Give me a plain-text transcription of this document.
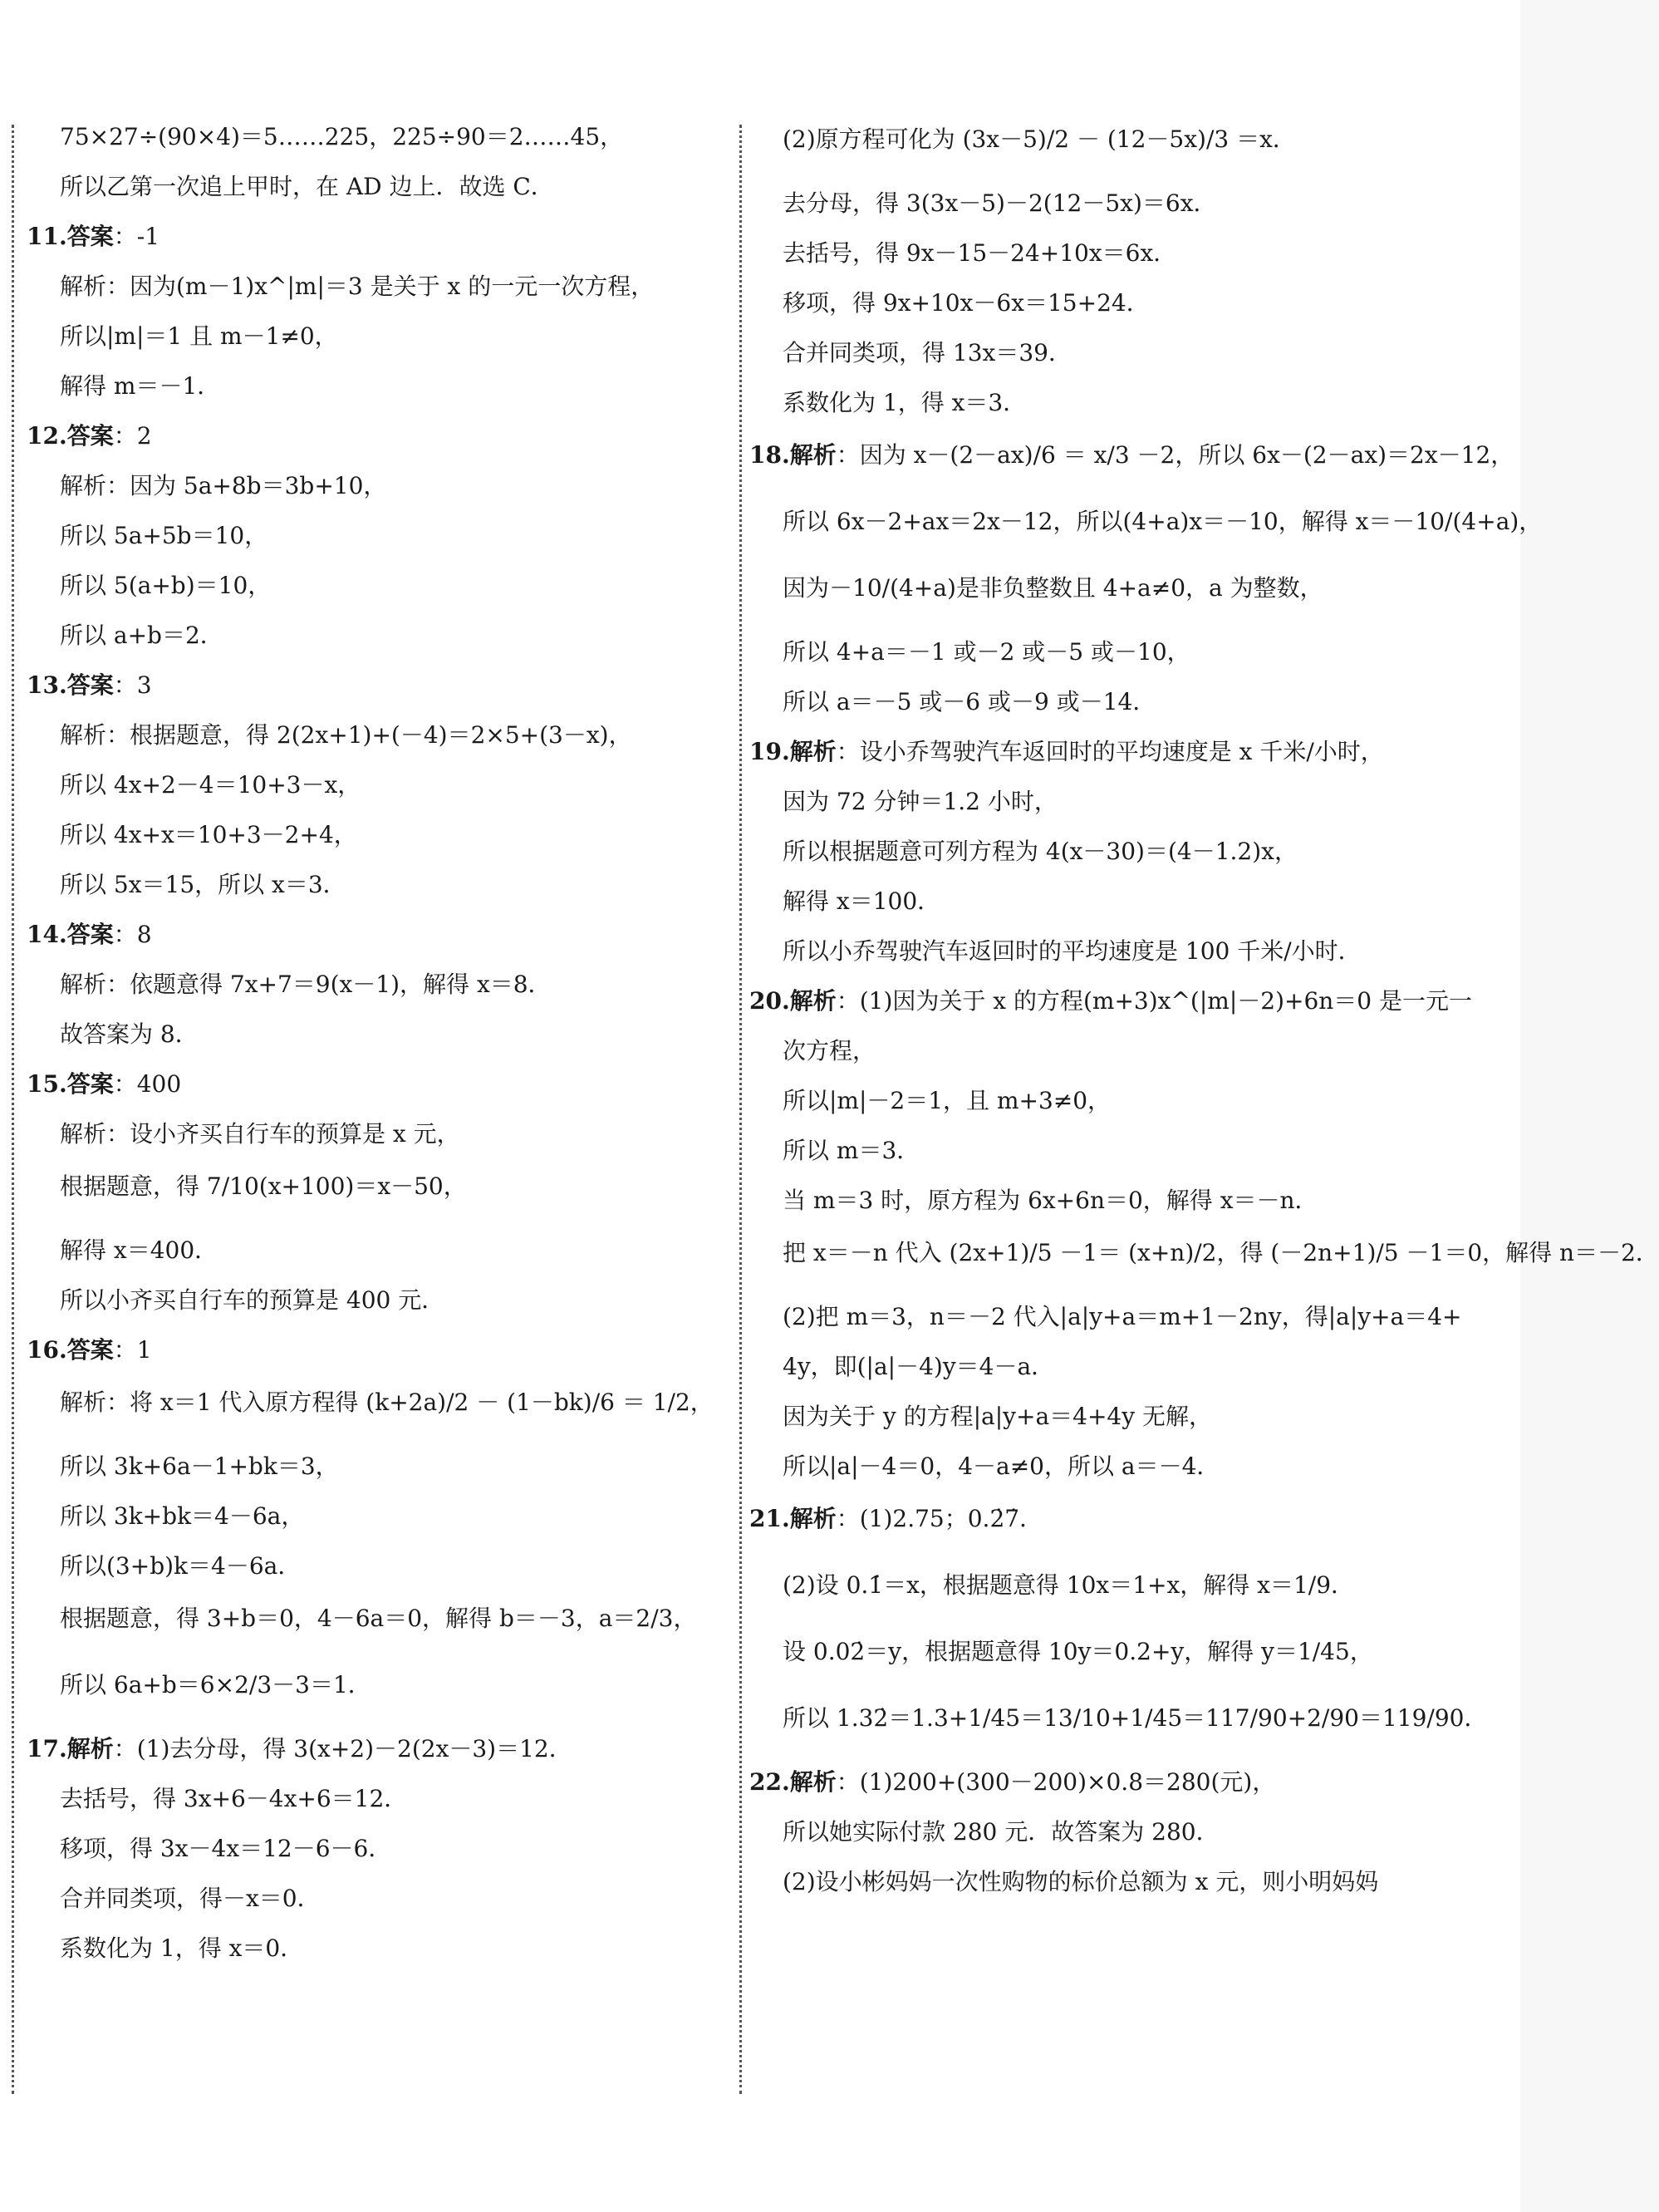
75×27÷(90×4)＝5……225，225÷90＝2……45，
所以乙第一次追上甲时，在 AD 边上．故选 C．
11.答案：-1
解析：因为(m－1)x^|m|＝3 是关于 x 的一元一次方程，
所以|m|＝1 且 m－1≠0，
解得 m＝－1．
12.答案：2
解析：因为 5a+8b＝3b+10，
所以 5a+5b＝10，
所以 5(a+b)＝10，
所以 a+b＝2．
13.答案：3
解析：根据题意，得 2(2x+1)+(－4)＝2×5+(3－x)，
所以 4x+2－4＝10+3－x，
所以 4x+x＝10+3－2+4，
所以 5x＝15，所以 x＝3．
14.答案：8
解析：依题意得 7x+7＝9(x－1)，解得 x＝8．
故答案为 8．
15.答案：400
解析：设小齐买自行车的预算是 x 元，
根据题意，得 7/10(x+100)＝x－50，
解得 x＝400．
所以小齐买自行车的预算是 400 元．
16.答案：1
解析：将 x＝1 代入原方程得 (k+2a)/2 － (1－bk)/6 ＝ 1/2，
所以 3k+6a－1+bk＝3，
所以 3k+bk＝4－6a，
所以(3+b)k＝4－6a．
根据题意，得 3+b＝0，4－6a＝0，解得 b＝－3，a＝2/3，
所以 6a+b＝6×2/3－3＝1．
17.解析：(1)去分母，得 3(x+2)－2(2x－3)＝12．
去括号，得 3x+6－4x+6＝12．
移项，得 3x－4x＝12－6－6．
合并同类项，得－x＝0．
系数化为 1，得 x＝0．
(2)原方程可化为 (3x－5)/2 － (12－5x)/3 ＝x．
去分母，得 3(3x－5)－2(12－5x)＝6x．
去括号，得 9x－15－24+10x＝6x．
移项，得 9x+10x－6x＝15+24．
合并同类项，得 13x＝39．
系数化为 1，得 x＝3．
18.解析：因为 x－(2－ax)/6 ＝ x/3 －2，所以 6x－(2－ax)＝2x－12，
所以 6x－2+ax＝2x－12，所以(4+a)x＝－10，解得 x＝－10/(4+a)，
因为－10/(4+a)是非负整数且 4+a≠0，a 为整数，
所以 4+a＝－1 或－2 或－5 或－10，
所以 a＝－5 或－6 或－9 或－14．
19.解析：设小乔驾驶汽车返回时的平均速度是 x 千米/小时，
因为 72 分钟＝1.2 小时，
所以根据题意可列方程为 4(x－30)＝(4－1.2)x，
解得 x＝100．
所以小乔驾驶汽车返回时的平均速度是 100 千米/小时．
20.解析：(1)因为关于 x 的方程(m+3)x^(|m|－2)+6n＝0 是一元一
次方程，
所以|m|－2＝1，且 m+3≠0，
所以 m＝3．
当 m＝3 时，原方程为 6x+6n＝0，解得 x＝－n．
把 x＝－n 代入 (2x+1)/5 －1＝ (x+n)/2，得 (－2n+1)/5 －1＝0，解得 n＝－2．
(2)把 m＝3，n＝－2 代入|a|y+a＝m+1－2ny，得|a|y+a＝4+
4y，即(|a|－4)y＝4－a．
因为关于 y 的方程|a|y+a＝4+4y 无解，
所以|a|－4＝0，4－a≠0，所以 a＝－4．
21.解析：(1)2.75；0.2̇7̇．
(2)设 0.1̇＝x，根据题意得 10x＝1+x，解得 x＝1/9．
设 0.02̇＝y，根据题意得 10y＝0.2+y，解得 y＝1/45，
所以 1.32̇＝1.3+1/45＝13/10+1/45＝117/90+2/90＝119/90．
22.解析：(1)200+(300－200)×0.8＝280(元)，
所以她实际付款 280 元．故答案为 280．
(2)设小彬妈妈一次性购物的标价总额为 x 元，则小明妈妈
